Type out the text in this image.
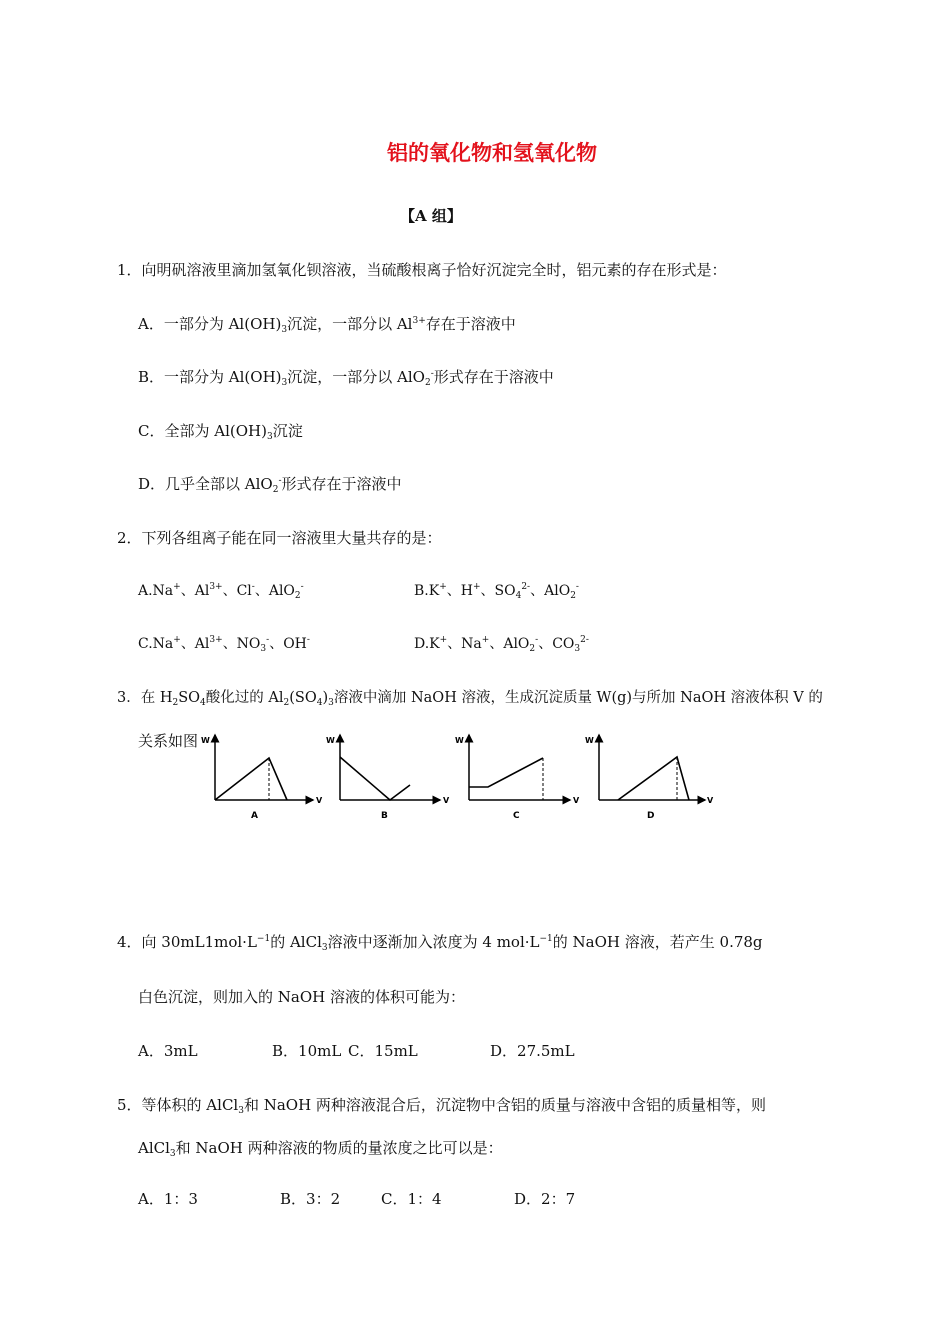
铝的氧化物和氢氧化物
【A 组】
1．向明矾溶液里滴加氢氧化钡溶液，当硫酸根离子恰好沉淀完全时，铝元素的存在形式是：
A．一部分为 $Al(OH)_3$沉淀，一部分以 $Al^{3+}$存在于溶液中
B．一部分为 $Al(OH)_3$沉淀，一部分以 AlO$_2$-形式存在于溶液中
C．全部为 $Al(OH)_3$沉淀
D．几乎全部以 AlO$_2$-形式存在于溶液中
2．下列各组离子能在同一溶液里大量共存的是：
A.Na+、$Al^{3+}$、Cl-、AlO$_2$-	B.K+、H+、$SO_4^{2-}$、AlO$_2$-
C.Na+、$Al^{3+}$、$NO_3^-$、OH-	D.K+、Na+、AlO$_2$-、$CO_3^{2-}$
3．在 $H_2SO_4$酸化过的 $Al_2(SO_4)_3$溶液中滴加 NaOH 溶液，生成沉淀质量 W(g)与所加 NaOH 溶液体积 V 的
关系如图 W
V
A
W
V
B
W
V
C
W
V
D
4．向 $30mL1mol\cdot L^{-1}$的 AlCl$_3$溶液中逐渐加入浓度为 4 $mol\cdot L^{-1}$的 NaOH 溶液，若产生 0.78g
白色沉淀，则加入的 NaOH 溶液的体积可能为：
A．3mL	B．10mL C．15mL	D．27.5mL
5．等体积的 AlCl$_3$和 NaOH 两种溶液混合后，沉淀物中含铝的质量与溶液中含铝的质量相等，则
AlCl$_3$和 NaOH 两种溶液的物质的量浓度之比可以是：
A．1：3	B．3：2	C．1：4	D．2：7
